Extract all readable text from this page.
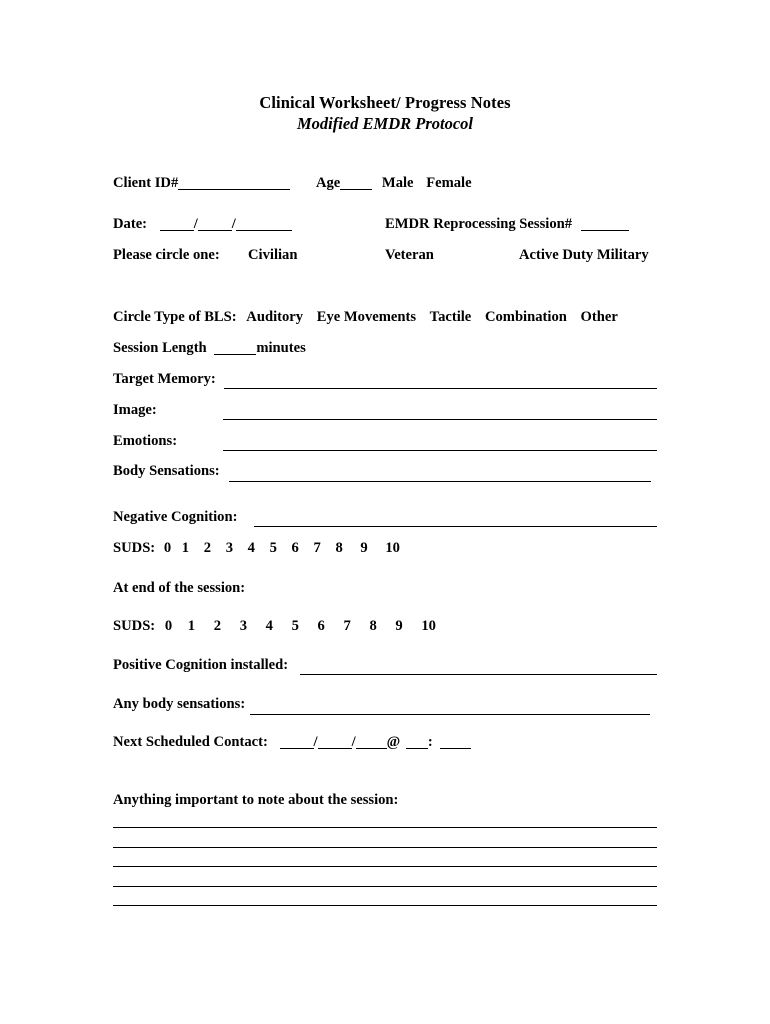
Clinical Worksheet/ Progress Notes
Modified EMDR Protocol
Client ID#	Age	Male Female
Date:	/ /	EMDR Reprocessing Session#
Please circle one: Civilian	Veteran	Active Duty Military
Circle Type of BLS: Auditory Eye Movements Tactile Combination Other
Session Length	minutes
Target Memory:
Image:
Emotions:
Body Sensations:
Negative Cognition:
SUDS: 0 1 2 3 4 5 6 7 8 9 10
At end of the session:
SUDS: 0 1 2 3 4 5 6 7 8 9 10
Positive Cognition installed:
Any body sensations:
Next Scheduled Contact:	/ / @ :
Anything important to note about the session:
